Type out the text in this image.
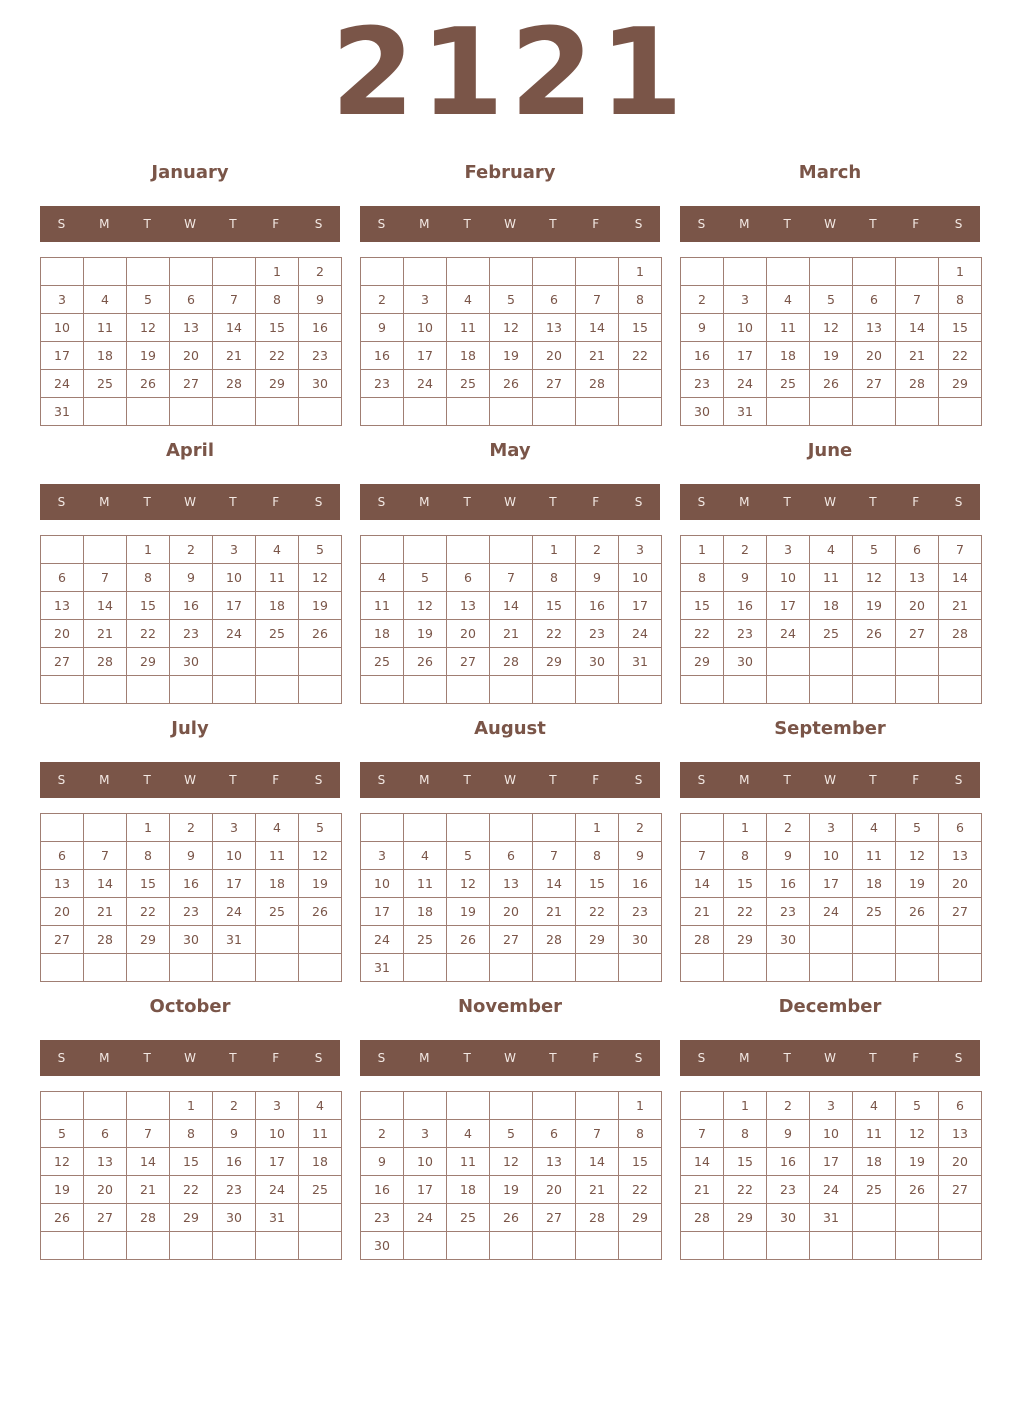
2121
January
S	M	T	W	T	F	S
					1	2
3	4	5	6	7	8	9
10	11	12	13	14	15	16
17	18	19	20	21	22	23
24	25	26	27	28	29	30
31						
February
S	M	T	W	T	F	S
						1
2	3	4	5	6	7	8
9	10	11	12	13	14	15
16	17	18	19	20	21	22
23	24	25	26	27	28	

March
S	M	T	W	T	F	S
						1
2	3	4	5	6	7	8
9	10	11	12	13	14	15
16	17	18	19	20	21	22
23	24	25	26	27	28	29
30	31					
April
S	M	T	W	T	F	S
		1	2	3	4	5
6	7	8	9	10	11	12
13	14	15	16	17	18	19
20	21	22	23	24	25	26
27	28	29	30			

May
S	M	T	W	T	F	S
				1	2	3
4	5	6	7	8	9	10
11	12	13	14	15	16	17
18	19	20	21	22	23	24
25	26	27	28	29	30	31

June
S	M	T	W	T	F	S
1	2	3	4	5	6	7
8	9	10	11	12	13	14
15	16	17	18	19	20	21
22	23	24	25	26	27	28
29	30					

July
S	M	T	W	T	F	S
		1	2	3	4	5
6	7	8	9	10	11	12
13	14	15	16	17	18	19
20	21	22	23	24	25	26
27	28	29	30	31		

August
S	M	T	W	T	F	S
					1	2
3	4	5	6	7	8	9
10	11	12	13	14	15	16
17	18	19	20	21	22	23
24	25	26	27	28	29	30
31						
September
S	M	T	W	T	F	S
	1	2	3	4	5	6
7	8	9	10	11	12	13
14	15	16	17	18	19	20
21	22	23	24	25	26	27
28	29	30				

October
S	M	T	W	T	F	S
			1	2	3	4
5	6	7	8	9	10	11
12	13	14	15	16	17	18
19	20	21	22	23	24	25
26	27	28	29	30	31	

November
S	M	T	W	T	F	S
						1
2	3	4	5	6	7	8
9	10	11	12	13	14	15
16	17	18	19	20	21	22
23	24	25	26	27	28	29
30						
December
S	M	T	W	T	F	S
	1	2	3	4	5	6
7	8	9	10	11	12	13
14	15	16	17	18	19	20
21	22	23	24	25	26	27
28	29	30	31			
